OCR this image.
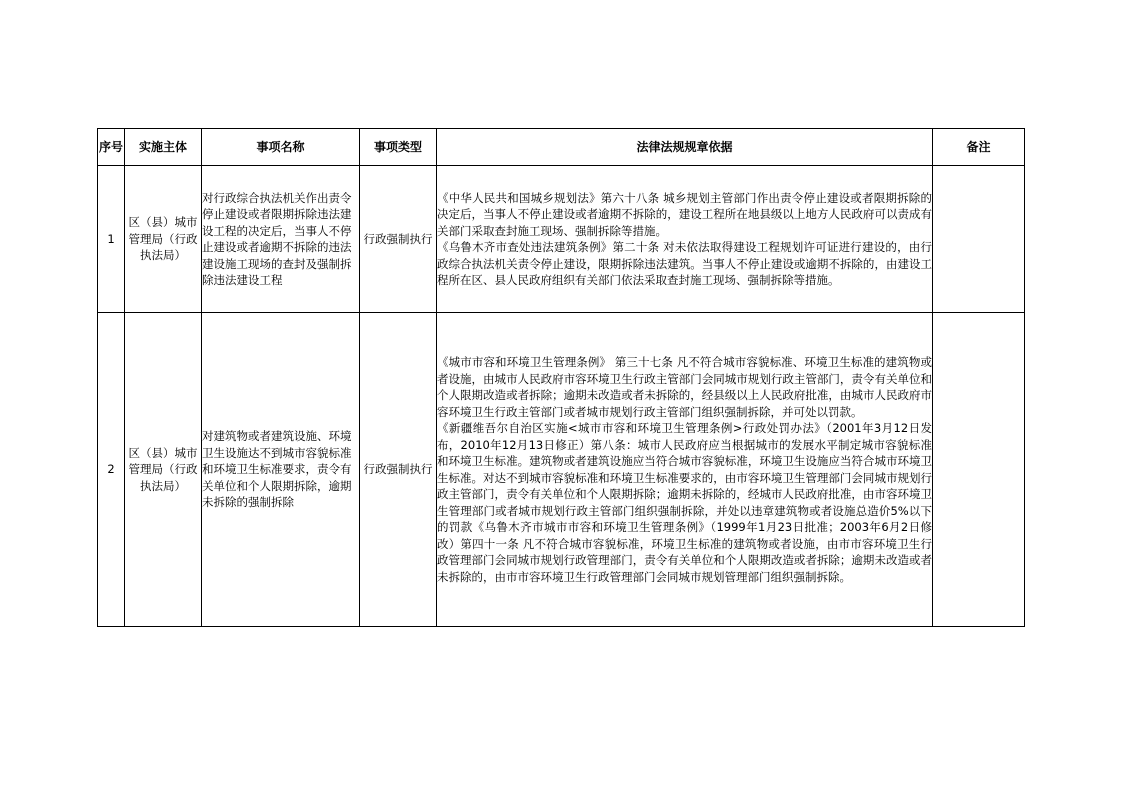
序号	实施主体	事项名称	事项类型	法律法规规章依据	备注
1	区（县）城市管理局（行政执法局）	对行政综合执法机关作出责令停止建设或者限期拆除违法建设工程的决定后，当事人不停止建设或者逾期不拆除的违法建设施工现场的查封及强制拆除违法建设工程	行政强制执行	《中华人民共和国城乡规划法》第六十八条 城乡规划主管部门作出责令停止建设或者限期拆除的决定后，当事人不停止建设或者逾期不拆除的，建设工程所在地县级以上地方人民政府可以责成有关部门采取查封施工现场、强制拆除等措施。
《乌鲁木齐市查处违法建筑条例》第二十条 对未依法取得建设工程规划许可证进行建设的，由行政综合执法机关责令停止建设，限期拆除违法建筑。当事人不停止建设或逾期不拆除的，由建设工程所在区、县人民政府组织有关部门依法采取查封施工现场、强制拆除等措施。	

2	区（县）城市管理局（行政执法局）	对建筑物或者建筑设施、环境卫生设施达不到城市容貌标准和环境卫生标准要求，责令有关单位和个人限期拆除，逾期未拆除的强制拆除	行政强制执行	《城市市容和环境卫生管理条例》 第三十七条 凡不符合城市容貌标准、环境卫生标准的建筑物或者设施，由城市人民政府市容环境卫生行政主管部门会同城市规划行政主管部门，责令有关单位和个人限期改造或者拆除；逾期未改造或者未拆除的，经县级以上人民政府批准，由城市人民政府市容环境卫生行政主管部门或者城市规划行政主管部门组织强制拆除，并可处以罚款。
《新疆维吾尔自治区实施<城市市容和环境卫生管理条例>行政处罚办法》（2001年3月12日发布，2010年12月13日修正）第八条：城市人民政府应当根据城市的发展水平制定城市容貌标准和环境卫生标准。建筑物或者建筑设施应当符合城市容貌标准，环境卫生设施应当符合城市环境卫生标准。对达不到城市容貌标准和环境卫生标准要求的，由市容环境卫生管理部门会同城市规划行政主管部门，责令有关单位和个人限期拆除；逾期未拆除的，经城市人民政府批准，由市容环境卫生管理部门或者城市规划行政主管部门组织强制拆除，并处以违章建筑物或者设施总造价5%以下的罚款《乌鲁木齐市城市市容和环境卫生管理条例》（1999年1月23日批准；2003年6月2日修改）第四十一条 凡不符合城市容貌标准，环境卫生标准的建筑物或者设施，由市市容环境卫生行政管理部门会同城市规划行政管理部门，责令有关单位和个人限期改造或者拆除；逾期未改造或者未拆除的，由市市容环境卫生行政管理部门会同城市规划管理部门组织强制拆除。	
